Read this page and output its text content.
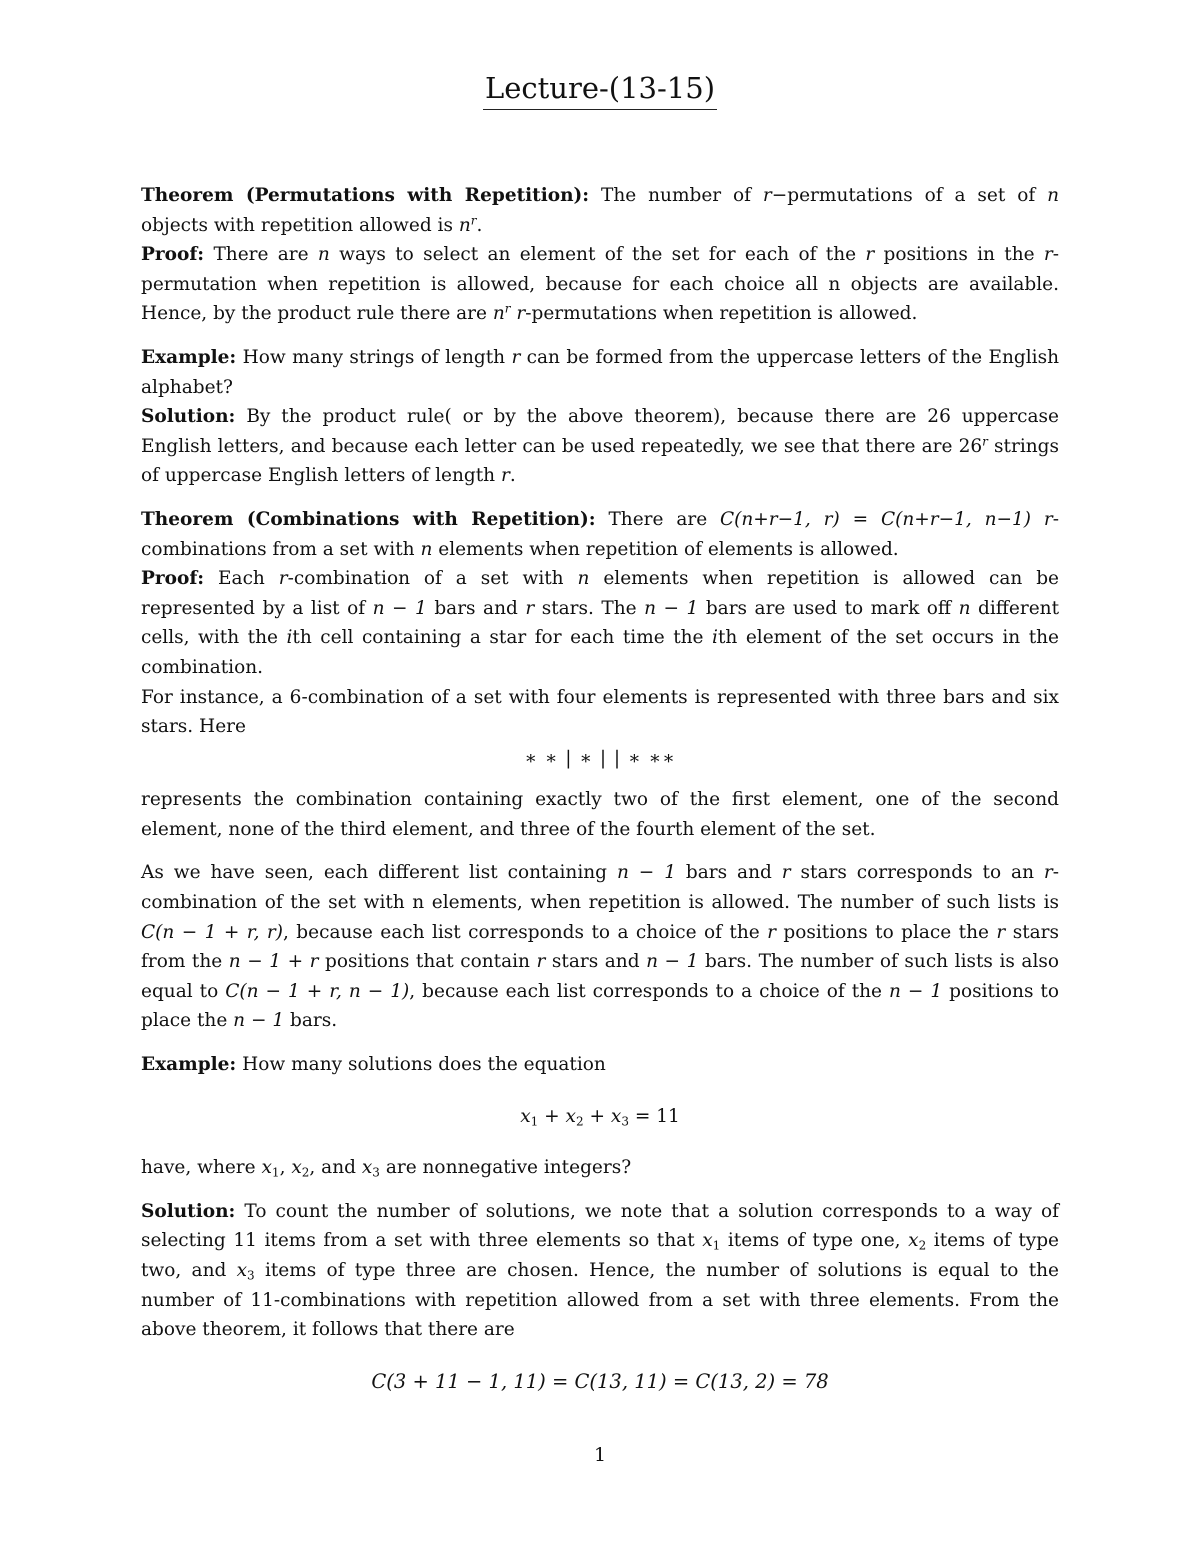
Lecture-(13-15)

Theorem (Permutations with Repetition): The number of r−permutations of a set of n objects with repetition allowed is $n^r$.

Proof: There are n ways to select an element of the set for each of the r positions in the r-permutation when repetition is allowed, because for each choice all n objects are available. Hence, by the product rule there are $n^r$ r-permutations when repetition is allowed.

Example: How many strings of length r can be formed from the uppercase letters of the English alphabet?

Solution: By the product rule( or by the above theorem), because there are 26 uppercase English letters, and because each letter can be used repeatedly, we see that there are 26$^r$ strings of uppercase English letters of length r.

Theorem (Combinations with Repetition): There are C(n+r−1, r) = C(n+r−1, n−1) r-combinations from a set with n elements when repetition of elements is allowed.

Proof: Each r-combination of a set with n elements when repetition is allowed can be represented by a list of n − 1 bars and r stars. The n − 1 bars are used to mark off n different cells, with the ith cell containing a star for each time the ith element of the set occurs in the combination.

For instance, a 6-combination of a set with four elements is represented with three bars and six stars. Here

∗ ∗ | ∗ | | ∗ ∗∗

represents the combination containing exactly two of the first element, one of the second element, none of the third element, and three of the fourth element of the set.

As we have seen, each different list containing n − 1 bars and r stars corresponds to an r-combination of the set with n elements, when repetition is allowed. The number of such lists is C(n − 1 + r, r), because each list corresponds to a choice of the r positions to place the r stars from the n − 1 + r positions that contain r stars and n − 1 bars. The number of such lists is also equal to C(n − 1 + r, n − 1), because each list corresponds to a choice of the n − 1 positions to place the n − 1 bars.

Example: How many solutions does the equation

$x_1 + x_2 + x_3 = 11$

have, where $x_1$, $x_2$, and $x_3$ are nonnegative integers?

Solution: To count the number of solutions, we note that a solution corresponds to a way of selecting 11 items from a set with three elements so that $x_1$ items of type one, $x_2$ items of type two, and $x_3$ items of type three are chosen. Hence, the number of solutions is equal to the number of 11-combinations with repetition allowed from a set with three elements. From the above theorem, it follows that there are

C(3 + 11 − 1, 11) = C(13, 11) = C(13, 2) = 78

1
